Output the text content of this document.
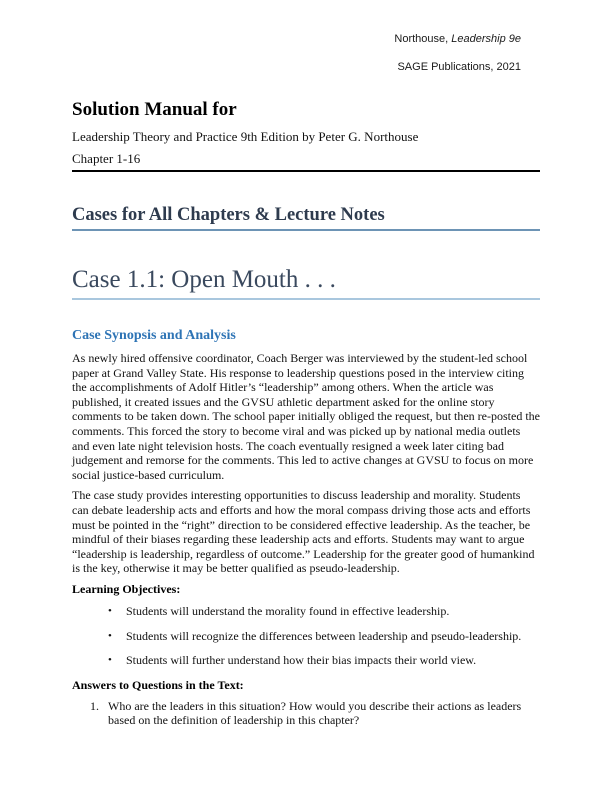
Northouse, Leadership 9e
SAGE Publications, 2021
Solution Manual for
Leadership Theory and Practice 9th Edition by Peter G. Northouse
Chapter 1-16
Cases for All Chapters & Lecture Notes
Case 1.1: Open Mouth . . .
Case Synopsis and Analysis

As newly hired offensive coordinator, Coach Berger was interviewed by the student-led school paper at Grand Valley State. His response to leadership questions posed in the interview citing the accomplishments of Adolf Hitler’s “leadership” among others. When the article was published, it created issues and the GVSU athletic department asked for the online story comments to be taken down. The school paper initially obliged the request, but then re-posted the comments. This forced the story to become viral and was picked up by national media outlets and even late night television hosts. The coach eventually resigned a week later citing bad judgement and remorse for the comments. This led to active changes at GVSU to focus on more social justice-based curriculum.

The case study provides interesting opportunities to discuss leadership and morality. Students can debate leadership acts and efforts and how the moral compass driving those acts and efforts must be pointed in the “right” direction to be considered effective leadership. As the teacher, be mindful of their biases regarding these leadership acts and efforts. Students may want to argue “leadership is leadership, regardless of outcome.” Leadership for the greater good of humankind is the key, otherwise it may be better qualified as pseudo-leadership.

Learning Objectives:
•	Students will understand the morality found in effective leadership.
•	Students will recognize the differences between leadership and pseudo-leadership.
•	Students will further understand how their bias impacts their world view.
Answers to Questions in the Text:
1. Who are the leaders in this situation? How would you describe their actions as leaders based on the definition of leadership in this chapter?
